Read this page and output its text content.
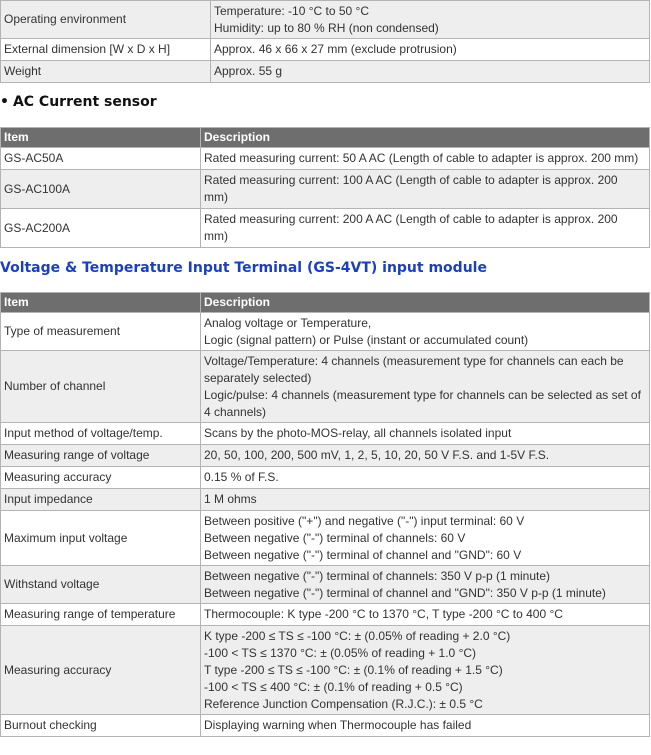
Operating environment	Temperature: -10 °C to 50 °C
Humidity: up to 80 % RH (non condensed)

External dimension [W x D x H]	Approx. 46 x 66 x 27 mm (exclude protrusion)

Weight	Approx. 55 g
• AC Current sensor
Item	Description
GS-AC50A	Rated measuring current: 50 A AC (Length of cable to adapter is approx. 200 mm)

GS-AC100A	Rated measuring current: 100 A AC (Length of cable to adapter is approx. 200
mm)

GS-AC200A	Rated measuring current: 200 A AC (Length of cable to adapter is approx. 200
mm)
Voltage & Temperature Input Terminal (GS-4VT) input module
Item	Description
Type of measurement	Analog voltage or Temperature,
Logic (signal pattern) or Pulse (instant or accumulated count)

Number of channel	Voltage/Temperature: 4 channels (measurement type for channels can each be
separately selected)
Logic/pulse: 4 channels (measurement type for channels can be selected as set of
4 channels)

Input method of voltage/temp.	Scans by the photo-MOS-relay, all channels isolated input

Measuring range of voltage	20, 50, 100, 200, 500 mV, 1, 2, 5, 10, 20, 50 V F.S. and 1-5V F.S.

Measuring accuracy	0.15 % of F.S.

Input impedance	1 M ohms

Maximum input voltage	Between positive ("+") and negative ("-") input terminal: 60 V
Between negative ("-") terminal of channels: 60 V
Between negative ("-") terminal of channel and "GND": 60 V

Withstand voltage	Between negative ("-") terminal of channels: 350 V p-p (1 minute)
Between negative ("-") terminal of channel and "GND": 350 V p-p (1 minute)

Measuring range of temperature	Thermocouple: K type -200 °C to 1370 °C, T type -200 °C to 400 °C

Measuring accuracy	K type -200 ≤ TS ≤ -100 °C: ± (0.05% of reading + 2.0 °C)
-100 < TS ≤ 1370 °C: ± (0.05% of reading + 1.0 °C)
T type -200 ≤ TS ≤ -100 °C: ± (0.1% of reading + 1.5 °C)
-100 < TS ≤ 400 °C: ± (0.1% of reading + 0.5 °C)
Reference Junction Compensation (R.J.C.): ± 0.5 °C

Burnout checking	Displaying warning when Thermocouple has failed
